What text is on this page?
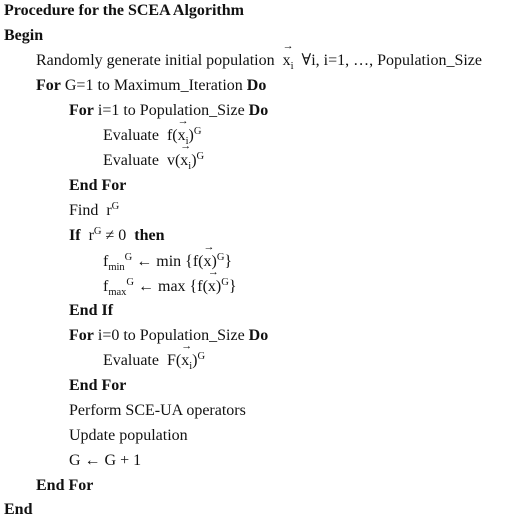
Procedure for the SCEA Algorithm
Begin
Randomly generate initial population  → $x_i$ ∀i, i=1, …, Population_Size
For G=1 to Maximum_Iteration Do
For i=1 to Population_Size Do
Evaluate $f(\to x_i)^G$
Evaluate $v(\to x_i)^G$
End For
Find $r^G$
If $r^G \ne 0$ then
$f_{min}^G$ ← $\min \{f(\to x)^G\}$
$f_{max}^G$ ← $\max \{f(\to x)^G\}$
End If
For i=0 to Population_Size Do
Evaluate $F(\to x_i)^G$
End For
Perform SCE-UA operators
Update population
G ← G + 1
End For
End
